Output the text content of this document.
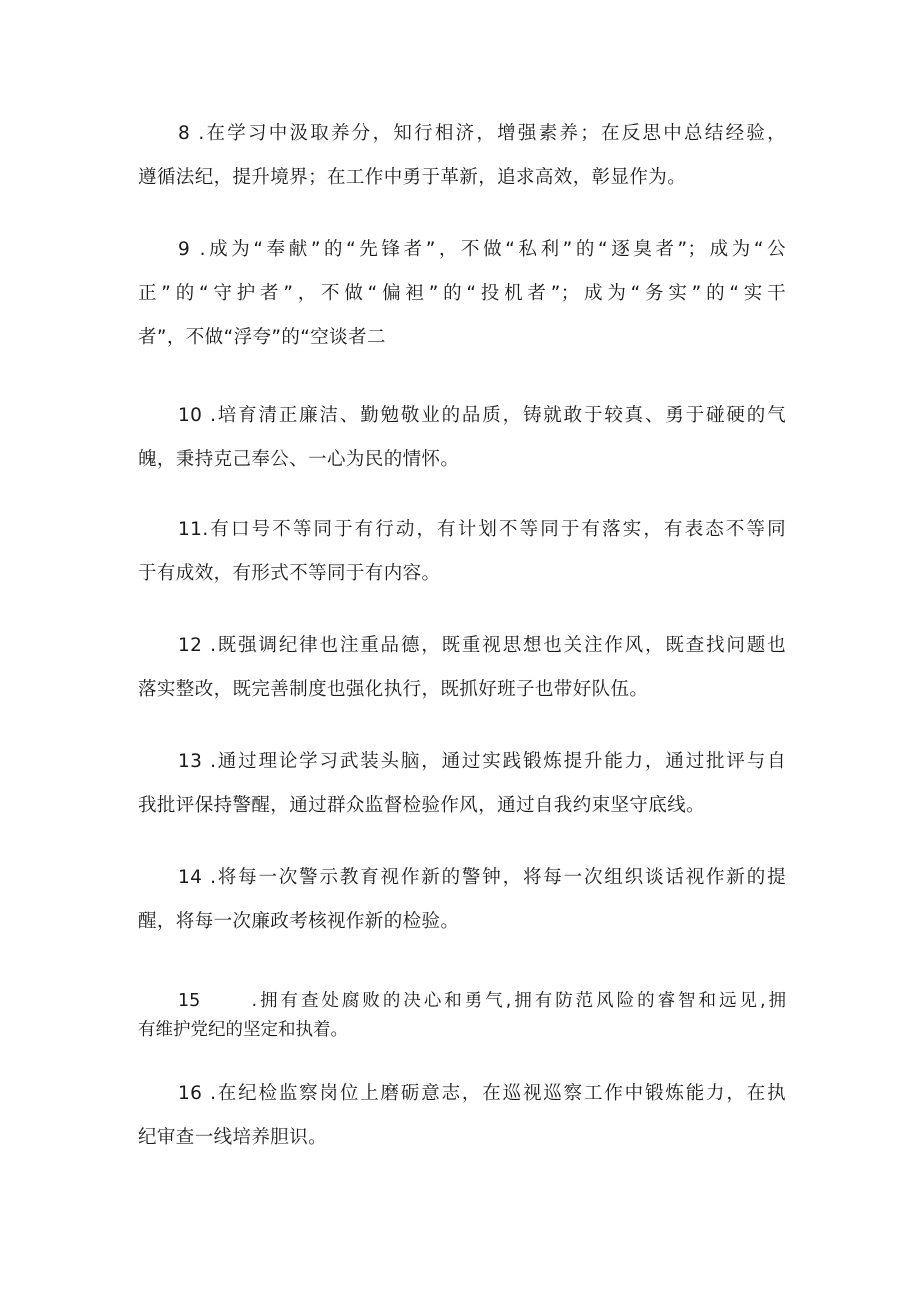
8 .在学习中汲取养分，知行相济，增强素养；在反思中总结经验，
遵循法纪，提升境界；在工作中勇于革新，追求高效，彰显作为。
9 .成为“奉献”的“先锋者”，不做“私利”的“逐臭者”；成为“公
正”的“守护者”，不做“偏袒”的“投机者”；成为“务实”的“实干
者”，不做“浮夸”的“空谈者二
10 .培育清正廉洁、勤勉敬业的品质，铸就敢于较真、勇于碰硬的气
魄，秉持克己奉公、一心为民的情怀。
11.有口号不等同于有行动，有计划不等同于有落实，有表态不等同
于有成效，有形式不等同于有内容。
12 .既强调纪律也注重品德，既重视思想也关注作风，既查找问题也
落实整改，既完善制度也强化执行，既抓好班子也带好队伍。
13 .通过理论学习武装头脑，通过实践锻炼提升能力，通过批评与自
我批评保持警醒，通过群众监督检验作风，通过自我约束坚守底线。
14 .将每一次警示教育视作新的警钟，将每一次组织谈话视作新的提
醒，将每一次廉政考核视作新的检验。
15      .拥有查处腐败的决心和勇气,拥有防范风险的睿智和远见,拥
有维护党纪的坚定和执着。
16 .在纪检监察岗位上磨砺意志，在巡视巡察工作中锻炼能力，在执
纪审查一线培养胆识。
